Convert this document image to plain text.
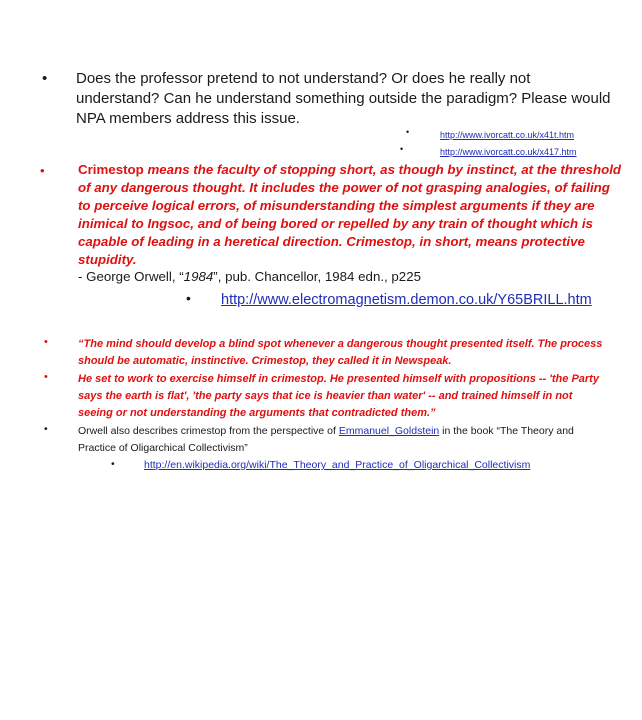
• Does the professor pretend to not understand? Or does he really not understand? Can he understand something outside the paradigm? Please would NPA members address this issue.
•	http://www.ivorcatt.co.uk/x41t.htm
•	http://www.ivorcatt.co.uk/x417.htm
•	Crimestop means the faculty of stopping short, as though by instinct, at the threshold of any dangerous thought. It includes the power of not grasping analogies, of failing to perceive logical errors, of misunderstanding the simplest arguments if they are inimical to Ingsoc, and of being bored or repelled by any train of thought which is capable of leading in a heretical direction. Crimestop, in short, means protective stupidity.
- George Orwell, “1984”, pub. Chancellor, 1984 edn., p225
• http://www.electromagnetism.demon.co.uk/Y65BRILL.htm
•	“The mind should develop a blind spot whenever a dangerous thought presented itself. The process should be automatic, instinctive. Crimestop, they called it in Newspeak.
•	He set to work to exercise himself in crimestop. He presented himself with propositions -- 'the Party says the earth is flat', 'the party says that ice is heavier than water' -- and trained himself in not seeing or not understanding the arguments that contradicted them.”
•	Orwell also describes crimestop from the perspective of Emmanuel_Goldstein in the book “The Theory and Practice of Oligarchical Collectivism”
•	http://en.wikipedia.org/wiki/The_Theory_and_Practice_of_Oligarchical_Collectivism
